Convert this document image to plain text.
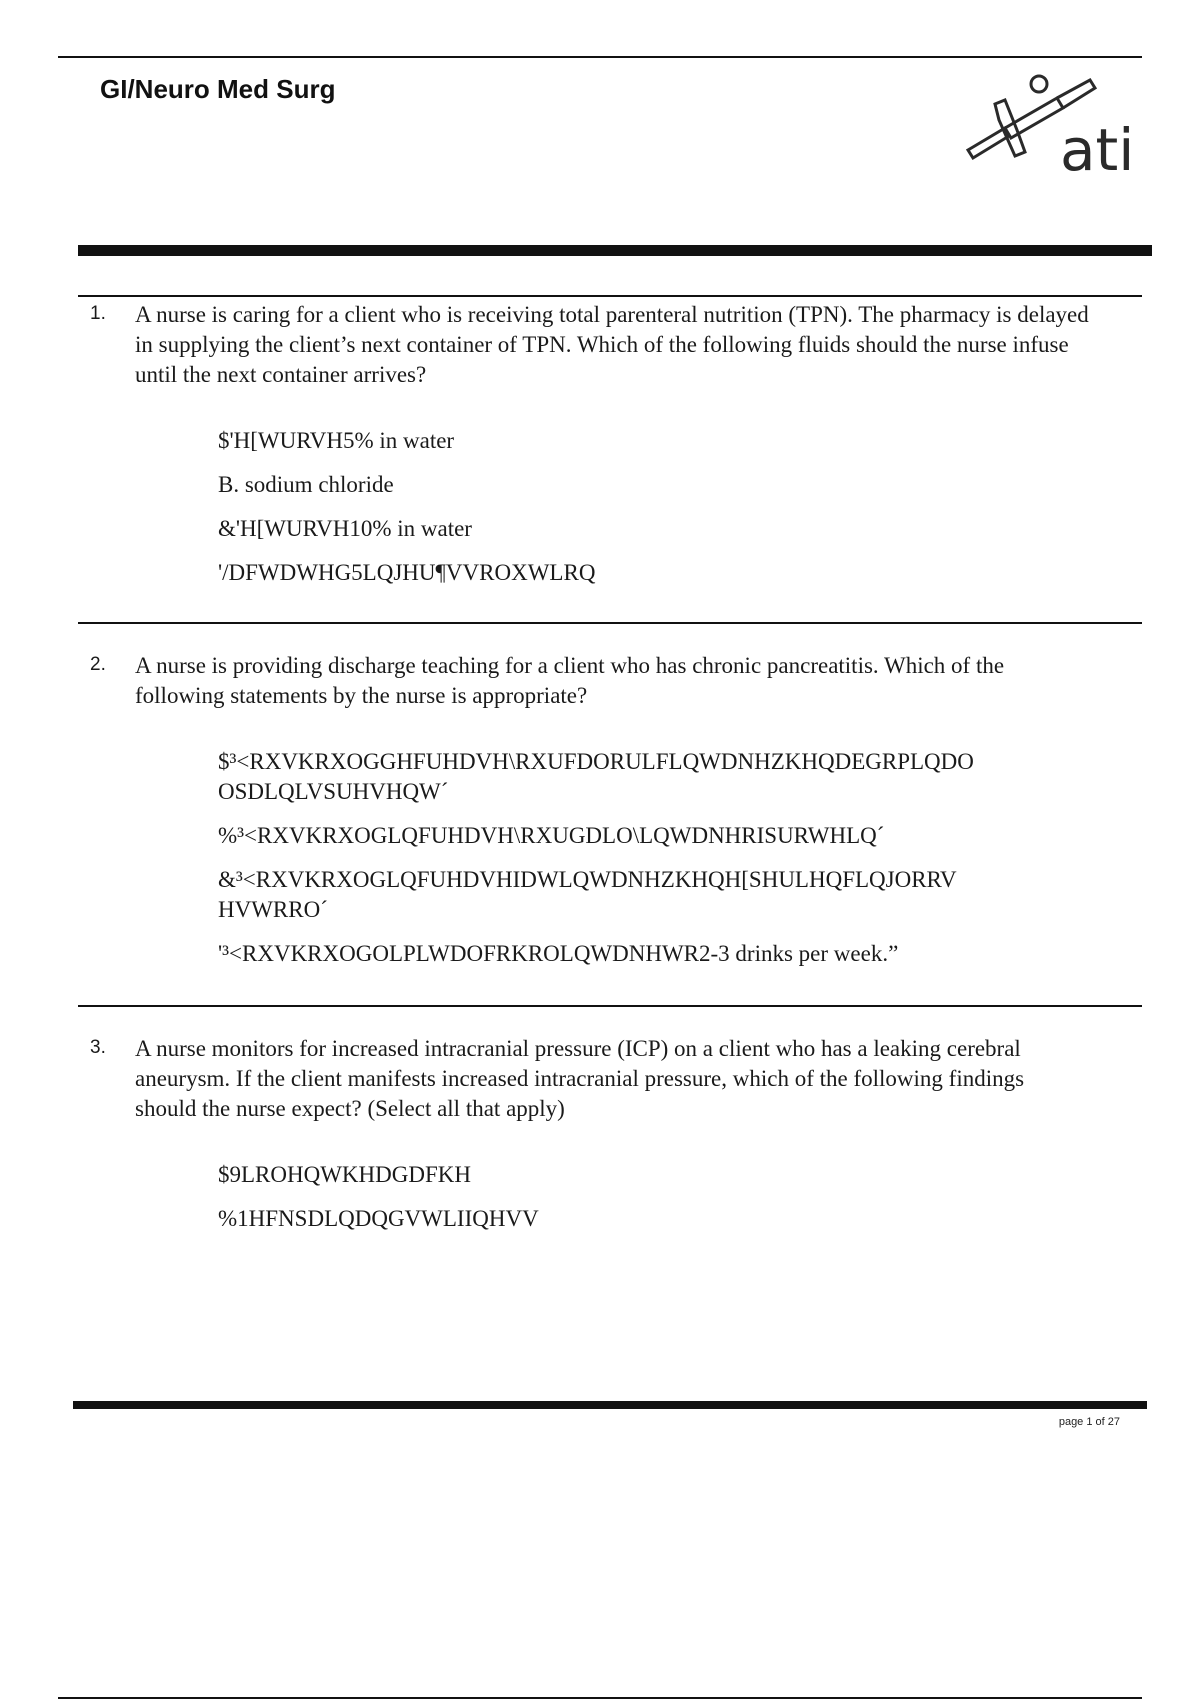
GI/Neuro Med Surg
ati
1.	A nurse is caring for a client who is receiving total parenteral nutrition (TPN). The pharmacy is delayed in supplying the client’s next container of TPN. Which of the following fluids should the nurse infuse until the next container arrives?
$'H[WURVH5% in water
B. sodium chloride
&'H[WURVH10% in water
'/DFWDWHG5LQJHU¶VVROXWLRQ
2.	A nurse is providing discharge teaching for a client who has chronic pancreatitis. Which of the following statements by the nurse is appropriate?
$³<RXVKRXOGGHFUHDVH\RXUFDORULFLQWDNHZKHQDEGRPLQDO OSDLQLVSUHVHQW´
%³<RXVKRXOGLQFUHDVH\RXUGDLO\LQWDNHRISURWHLQ´
&³<RXVKRXOGLQFUHDVHIDWLQWDNHZKHQH[SHULHQFLQJORRV HVWRRO´
'³<RXVKRXOGOLPLWDOFRKROLQWDNHWR2-3 drinks per week.”
3.	A nurse monitors for increased intracranial pressure (ICP) on a client who has a leaking cerebral aneurysm. If the client manifests increased intracranial pressure, which of the following findings should the nurse expect? (Select all that apply)
$9LROHQWKHDGDFKH
%1HFNSDLQDQGVWLIIQHVV
page 1 of 27
